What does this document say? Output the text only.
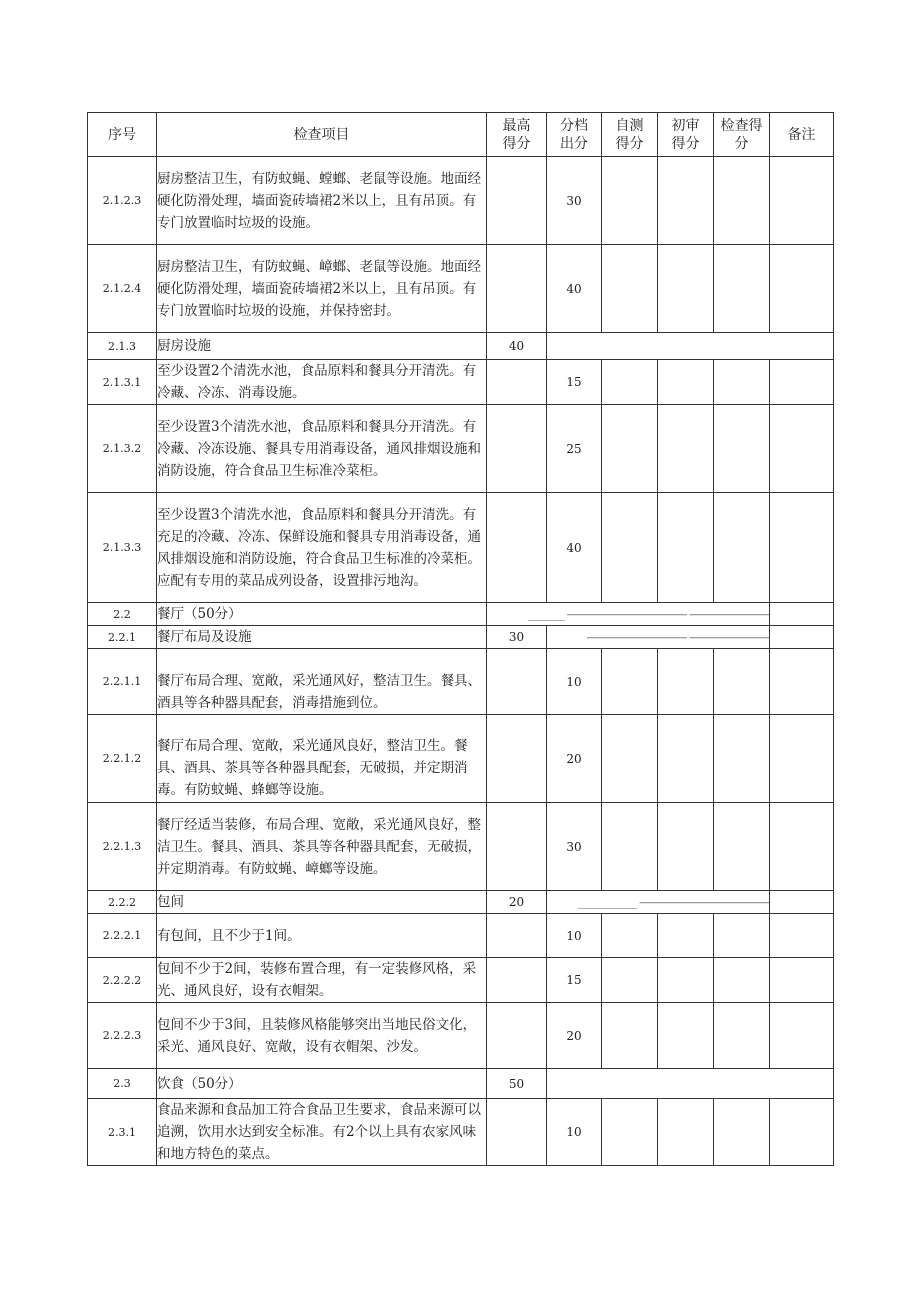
序号	检查项目	最高得分	分档出分	自测得分	初审得分	检查得分	备注
2.1.2.3	厨房整洁卫生，有防蚊蝇、螳螂、老鼠等设施。地面经硬化防滑处理，墙面瓷砖墙裙2米以上，且有吊顶。有专门放置临时垃圾的设施。		30				
2.1.2.4	厨房整洁卫生，有防蚊蝇、嶂螂、老鼠等设施。地面经硬化防滑处理，墙面瓷砖墙裙2米以上，且有吊顶。有专门放置临时垃圾的设施，并保持密封。		40				
2.1.3	厨房设施	40					
2.1.3.1	至少设置2个清洗水池，食品原料和餐具分开清洗。有冷藏、冷冻、消毒设施。		15				
2.1.3.2	至少设置3个清洗水池，食品原料和餐具分开清洗。有冷藏、冷冻设施、餐具专用消毒设备，通风排烟设施和消防设施，符合食品卫生标准冷菜柜。		25				
2.1.3.3	至少设置3个清洗水池，食品原料和餐具分开清洗。有充足的冷藏、冷冻、保鲜设施和餐具专用消毒设备，通风排烟设施和消防设施，符合食品卫生标准的冷菜柜。应配有专用的菜品成列设备，设置排污地沟。		40				
2.2	餐厅（50分）	________ ———————————— ————————					
2.2.1	餐厅布局及设施	30	—————————— ————————				
2.2.1.1	餐厅布局合理、宽敞，采光通风好，整洁卫生。餐具、酒具等各种器具配套，消毒措施到位。		10				
2.2.1.2	餐厅布局合理、宽敞，采光通风良好，整洁卫生。餐具、酒具、茶具等各种器具配套，无破损，并定期消毒。有防蚊蝇、蜂螂等设施。		20				
2.2.1.3	餐厅经适当装修，布局合理、宽敞，采光通风良好，整洁卫生。餐具、酒具、茶具等各种器具配套，无破损，并定期消毒。有防蚊蝇、嶂螂等设施。		30				
2.2.2	包间	20	_____________ —————————————				
2.2.2.1	有包间，且不少于1间。		10				
2.2.2.2	包间不少于2间，装修布置合理，有一定装修风格，采光、通风良好，设有衣帽架。		15				
2.2.2.3	包间不少于3间，且装修风格能够突出当地民俗文化，采光、通风良好、宽敞，设有衣帽架、沙发。		20				
2.3	饮食（50分）	50					
2.3.1	食品来源和食品加工符合食品卫生要求，食品来源可以追溯，饮用水达到安全标准。有2个以上具有农家风味和地方特色的菜点。		10				
